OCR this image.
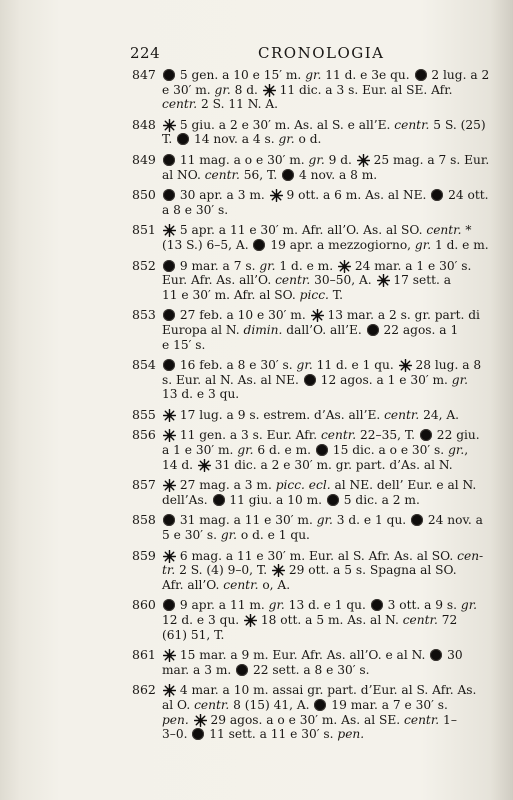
224	CRONOLOGIA
847	5 gen. a 10 e 15′ m. gr. 11 d. e 3e qu.  2 lug. a 2
e 30′ m. gr. 8 d.
11 dic. a 3 s. Eur. al SE. Afr.
centr. 2 S. 11 N. A.
848	5 giu. a 2 e 30′ m. As. al S. e all’E. centr. 5 S. (25)
T.  14 nov. a 4 s. gr. o d.
849	11 mag. a o e 30′ m. gr. 9 d.
25 mag. a 7 s. Eur.
al NO. centr. 56, T.  4 nov. a 8 m.
850	30 apr. a 3 m.
9 ott. a 6 m. As. al NE.  24 ott.
a 8 e 30′ s.
851	5 apr. a 11 e 30′ m. Afr. all’O. As. al SO. centr. *
(13 S.) 6–5, A.  19 apr. a mezzogiorno, gr. 1 d. e m.
852	9 mar. a 7 s. gr. 1 d. e m.
24 mar. a 1 e 30′ s.
Eur. Afr. As. all’O. centr. 30–50, A.
17 sett. a
11 e 30′ m. Afr. al SO. picc. T.
853	27 feb. a 10 e 30′ m.
13 mar. a 2 s. gr. part. di
Europa al N. dimin. dall’O. all’E.  22 agos. a 1
e 15′ s.
854	16 feb. a 8 e 30′ s. gr. 11 d. e 1 qu.
28 lug. a 8
s. Eur. al N. As. al NE.  12 agos. a 1 e 30′ m. gr.
13 d. e 3 qu.
855	17 lug. a 9 s. estrem. d’As. all’E. centr. 24, A.
856	11 gen. a 3 s. Eur. Afr. centr. 22–35, T.  22 giu.
a 1 e 30′ m. gr. 6 d. e m.  15 dic. a o e 30′ s. gr.,
14 d.
31 dic. a 2 e 30′ m. gr. part. d’As. al N.
857	27 mag. a 3 m. picc. ecl. al NE. dell’ Eur. e al N.
dell’As.  11 giu. a 10 m.  5 dic. a 2 m.
858	31 mag. a 11 e 30′ m. gr. 3 d. e 1 qu.  24 nov. a
5 e 30′ s. gr. o d. e 1 qu.
859	6 mag. a 11 e 30′ m. Eur. al S. Afr. As. al SO. cen-
tr. 2 S. (4) 9–0, T.
29 ott. a 5 s. Spagna al SO.
Afr. all’O. centr. o, A.
860	9 apr. a 11 m. gr. 13 d. e 1 qu.  3 ott. a 9 s. gr.
12 d. e 3 qu.
18 ott. a 5 m. As. al N. centr. 72
(61) 51, T.
861	15 mar. a 9 m. Eur. Afr. As. all’O. e al N.  30
mar. a 3 m.  22 sett. a 8 e 30′ s.
862	4 mar. a 10 m. assai gr. part. d’Eur. al S. Afr. As.
al O. centr. 8 (15) 41, A.  19 mar. a 7 e 30′ s.
pen.
29 agos. a o e 30′ m. As. al SE. centr. 1–
3–0.  11 sett. a 11 e 30′ s. pen.
